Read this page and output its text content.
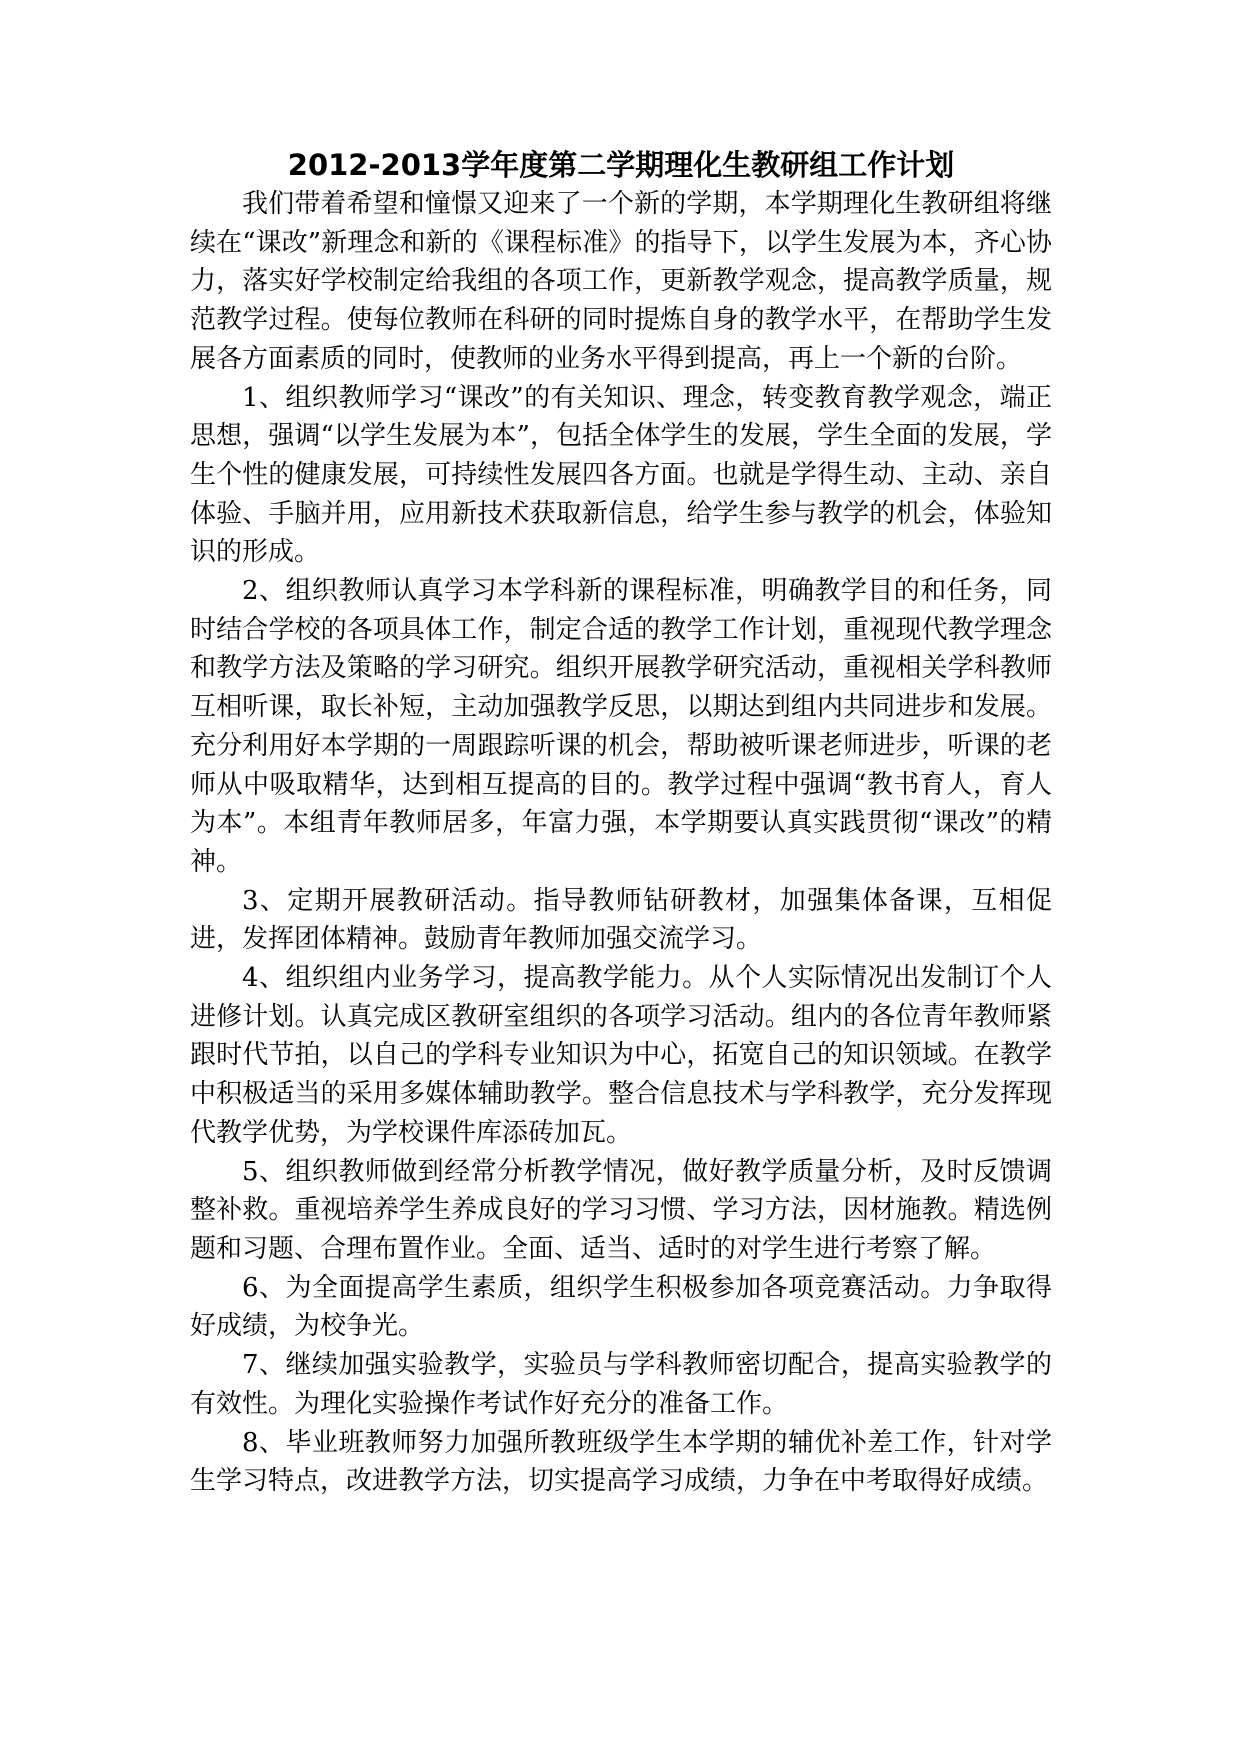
2012-2013学年度第二学期理化生教研组工作计划

我们带着希望和憧憬又迎来了一个新的学期，本学期理化生教研组将继续在“课改”新理念和新的《课程标准》的指导下，以学生发展为本，齐心协力，落实好学校制定给我组的各项工作，更新教学观念，提高教学质量，规范教学过程。使每位教师在科研的同时提炼自身的教学水平，在帮助学生发展各方面素质的同时，使教师的业务水平得到提高，再上一个新的台阶。

1、组织教师学习“课改”的有关知识、理念，转变教育教学观念，端正思想，强调“以学生发展为本”，包括全体学生的发展，学生全面的发展，学生个性的健康发展，可持续性发展四各方面。也就是学得生动、主动、亲自体验、手脑并用，应用新技术获取新信息，给学生参与教学的机会，体验知识的形成。

2、组织教师认真学习本学科新的课程标准，明确教学目的和任务，同时结合学校的各项具体工作，制定合适的教学工作计划，重视现代教学理念和教学方法及策略的学习研究。组织开展教学研究活动，重视相关学科教师互相听课，取长补短，主动加强教学反思，以期达到组内共同进步和发展。充分利用好本学期的一周跟踪听课的机会，帮助被听课老师进步，听课的老师从中吸取精华，达到相互提高的目的。教学过程中强调“教书育人，育人为本”。本组青年教师居多，年富力强，本学期要认真实践贯彻“课改”的精神。

3、定期开展教研活动。指导教师钻研教材，加强集体备课，互相促进，发挥团体精神。鼓励青年教师加强交流学习。

4、组织组内业务学习，提高教学能力。从个人实际情况出发制订个人进修计划。认真完成区教研室组织的各项学习活动。组内的各位青年教师紧跟时代节拍，以自己的学科专业知识为中心，拓宽自己的知识领域。在教学中积极适当的采用多媒体辅助教学。整合信息技术与学科教学，充分发挥现代教学优势，为学校课件库添砖加瓦。

5、组织教师做到经常分析教学情况，做好教学质量分析，及时反馈调整补救。重视培养学生养成良好的学习习惯、学习方法，因材施教。精选例题和习题、合理布置作业。全面、适当、适时的对学生进行考察了解。

6、为全面提高学生素质，组织学生积极参加各项竞赛活动。力争取得好成绩，为校争光。

7、继续加强实验教学，实验员与学科教师密切配合，提高实验教学的有效性。为理化实验操作考试作好充分的准备工作。

8、毕业班教师努力加强所教班级学生本学期的辅优补差工作，针对学生学习特点，改进教学方法，切实提高学习成绩，力争在中考取得好成绩。
